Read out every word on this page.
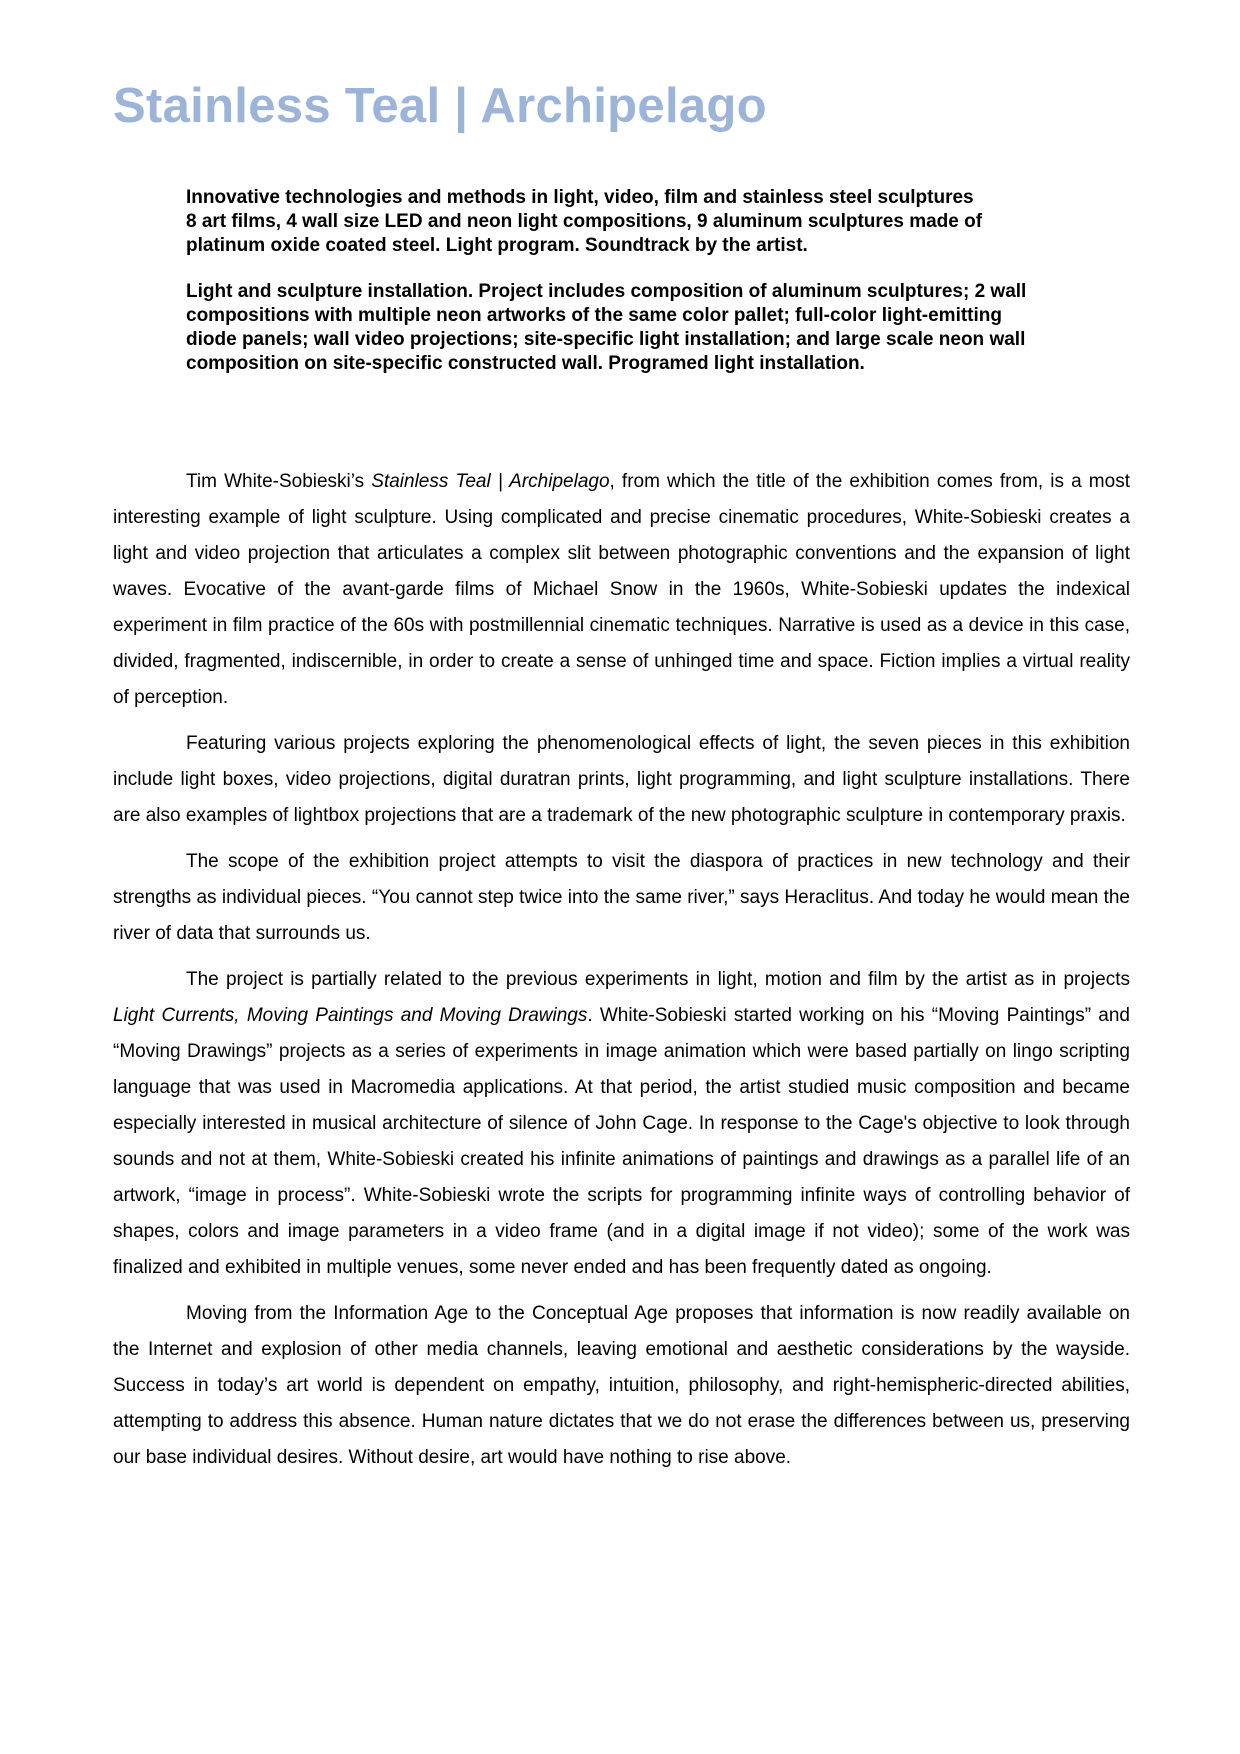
Stainless Teal | Archipelago
Innovative technologies and methods in light, video, film and stainless steel sculptures
8 art films, 4 wall size LED and neon light compositions, 9 aluminum sculptures made of
platinum oxide coated steel. Light program. Soundtrack by the artist.
Light and sculpture installation. Project includes composition of aluminum sculptures; 2 wall
compositions with multiple neon artworks of the same color pallet; full-color light-emitting
diode panels; wall video projections; site-specific light installation; and large scale neon wall
composition on site-specific constructed wall. Programed light installation.

Tim White-Sobieski’s Stainless Teal | Archipelago, from which the title of the exhibition comes from, is a most interesting example of light sculpture. Using complicated and precise cinematic procedures, White-Sobieski creates a light and video projection that articulates a complex slit between photographic conventions and the expansion of light waves. Evocative of the avant-garde films of Michael Snow in the 1960s, White-Sobieski updates the indexical experiment in film practice of the 60s with postmillennial cinematic techniques. Narrative is used as a device in this case, divided, fragmented, indiscernible, in order to create a sense of unhinged time and space. Fiction implies a virtual reality of perception.

Featuring various projects exploring the phenomenological effects of light, the seven pieces in this exhibition include light boxes, video projections, digital duratran prints, light programming, and light sculpture installations. There are also examples of lightbox projections that are a trademark of the new photographic sculpture in contemporary praxis.

The scope of the exhibition project attempts to visit the diaspora of practices in new technology and their strengths as individual pieces. “You cannot step twice into the same river,” says Heraclitus. And today he would mean the river of data that surrounds us.

The project is partially related to the previous experiments in light, motion and film by the artist as in projects Light Currents, Moving Paintings and Moving Drawings. White-Sobieski started working on his “Moving Paintings” and “Moving Drawings” projects as a series of experiments in image animation which were based partially on lingo scripting language that was used in Macromedia applications. At that period, the artist studied music composition and became especially interested in musical architecture of silence of John Cage. In response to the Cage's objective to look through sounds and not at them, White-Sobieski created his infinite animations of paintings and drawings as a parallel life of an artwork, “image in process”. White-Sobieski wrote the scripts for programming infinite ways of controlling behavior of shapes, colors and image parameters in a video frame (and in a digital image if not video); some of the work was finalized and exhibited in multiple venues, some never ended and has been frequently dated as ongoing.

Moving from the Information Age to the Conceptual Age proposes that information is now readily available on the Internet and explosion of other media channels, leaving emotional and aesthetic considerations by the wayside. Success in today’s art world is dependent on empathy, intuition, philosophy, and right-hemispheric-directed abilities, attempting to address this absence. Human nature dictates that we do not erase the differences between us, preserving our base individual desires. Without desire, art would have nothing to rise above.
